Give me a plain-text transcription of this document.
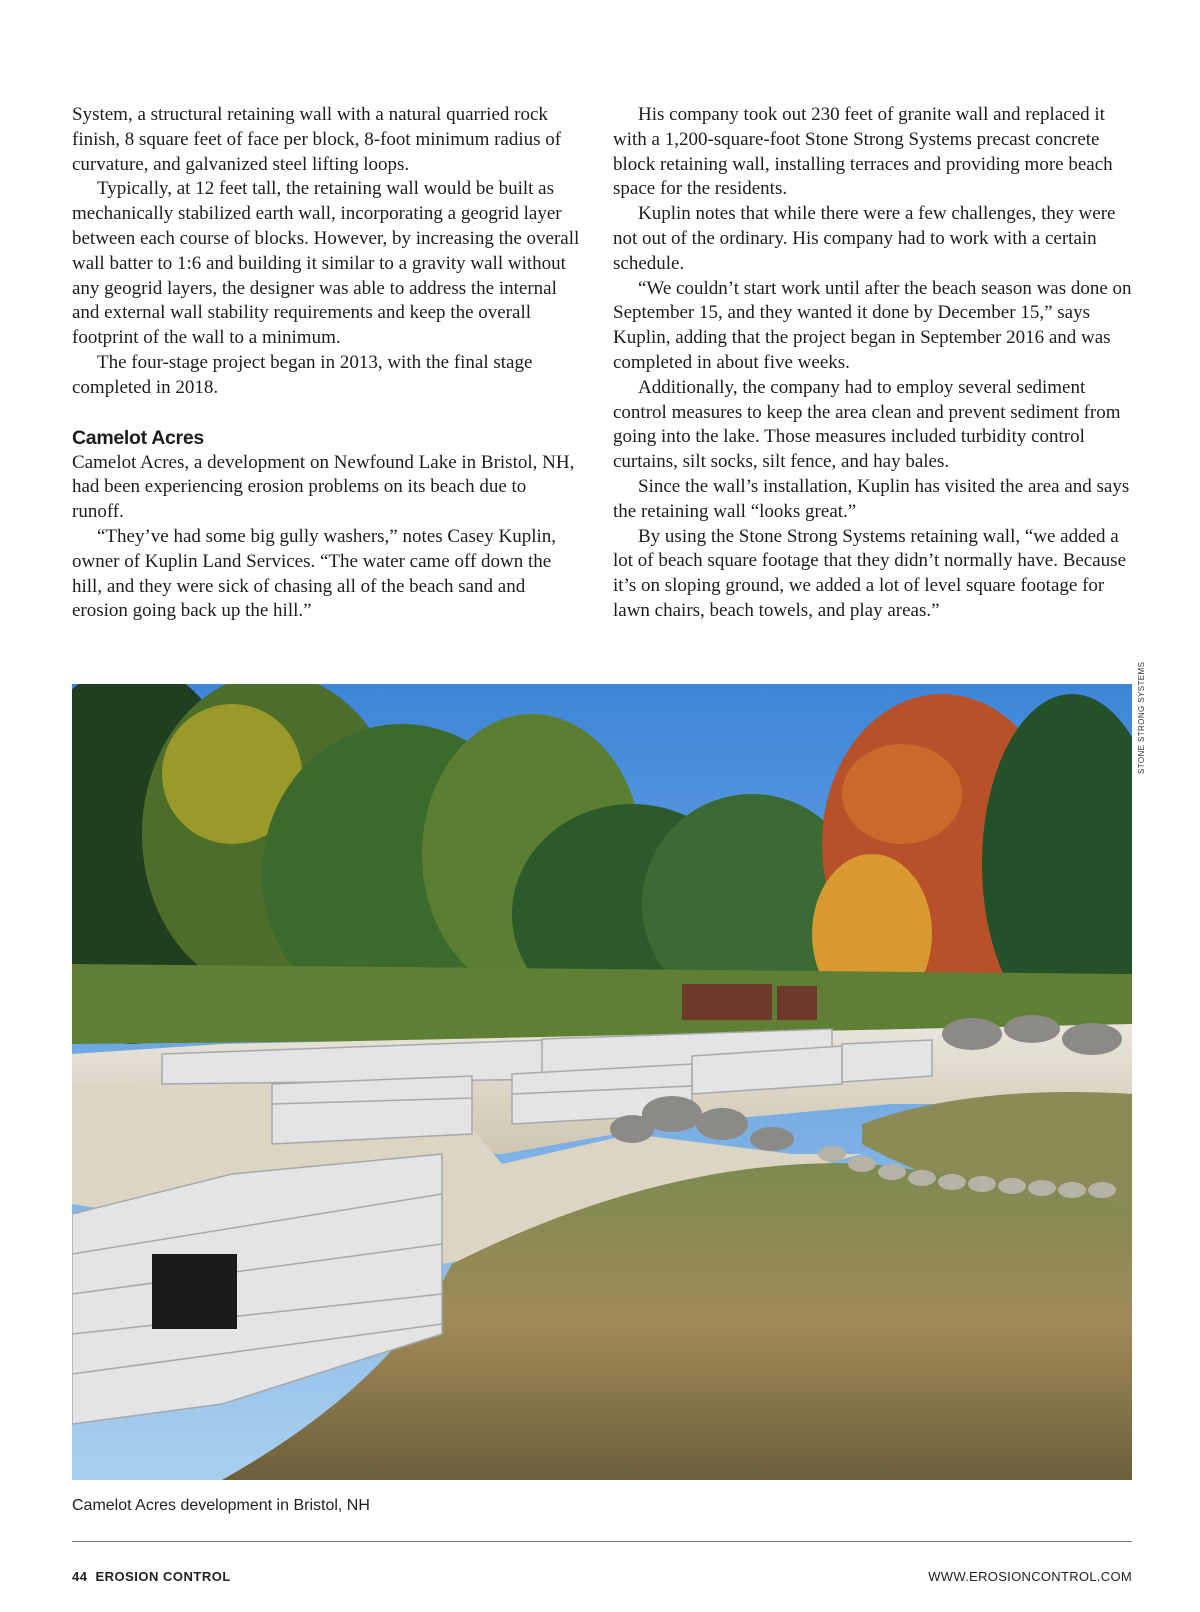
System, a structural retaining wall with a natural quarried rock finish, 8 square feet of face per block, 8-foot minimum radius of curvature, and galvanized steel lifting loops.

Typically, at 12 feet tall, the retaining wall would be built as mechanically stabilized earth wall, incorporating a geogrid layer between each course of blocks. However, by increasing the overall wall batter to 1:6 and building it similar to a gravity wall without any geogrid layers, the designer was able to address the internal and external wall stability requirements and keep the overall footprint of the wall to a minimum.

The four-stage project began in 2013, with the final stage completed in 2018.

Camelot Acres

Camelot Acres, a development on Newfound Lake in Bristol, NH, had been experiencing erosion problems on its beach due to runoff.

“They’ve had some big gully washers,” notes Casey Kuplin, owner of Kuplin Land Services. “The water came off down the hill, and they were sick of chasing all of the beach sand and erosion going back up the hill.”

His company took out 230 feet of granite wall and replaced it with a 1,200-square-foot Stone Strong Systems precast concrete block retaining wall, installing terraces and providing more beach space for the residents.

Kuplin notes that while there were a few challenges, they were not out of the ordinary. His company had to work with a certain schedule.

“We couldn’t start work until after the beach season was done on September 15, and they wanted it done by December 15,” says Kuplin, adding that the project began in September 2016 and was completed in about five weeks.

Additionally, the company had to employ several sediment control measures to keep the area clean and prevent sediment from going into the lake. Those measures included turbidity control curtains, silt socks, silt fence, and hay bales.

Since the wall’s installation, Kuplin has visited the area and says the retaining wall “looks great.”

By using the Stone Strong Systems retaining wall, “we added a lot of beach square footage that they didn’t normally have. Because it’s on sloping ground, we added a lot of level square footage for lawn chairs, beach towels, and play areas.”

STONE STRONG SYSTEMS
Camelot Acres development in Bristol, NH
44 EROSION CONTROL	WWW.EROSIONCONTROL.COM
